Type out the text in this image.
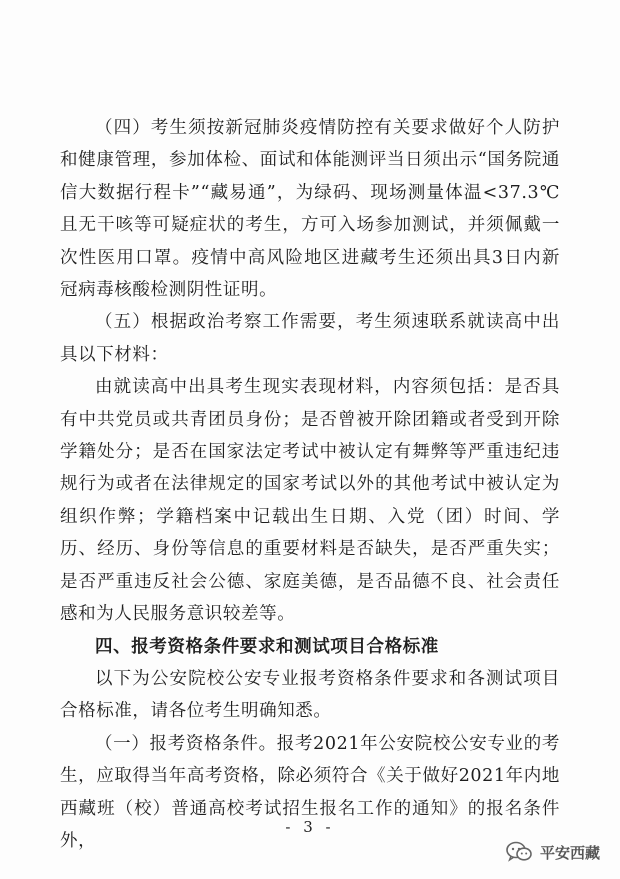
（四）考生须按新冠肺炎疫情防控有关要求做好个人防护和健康管理，参加体检、面试和体能测评当日须出示“国务院通信大数据行程卡”“藏易通”，为绿码、现场测量体温<37.3℃且无干咳等可疑症状的考生，方可入场参加测试，并须佩戴一次性医用口罩。疫情中高风险地区进藏考生还须出具3日内新冠病毒核酸检测阴性证明。

（五）根据政治考察工作需要，考生须速联系就读高中出具以下材料：

由就读高中出具考生现实表现材料，内容须包括：是否具有中共党员或共青团员身份；是否曾被开除团籍或者受到开除学籍处分；是否在国家法定考试中被认定有舞弊等严重违纪违规行为或者在法律规定的国家考试以外的其他考试中被认定为组织作弊；学籍档案中记载出生日期、入党（团）时间、学历、经历、身份等信息的重要材料是否缺失，是否严重失实；是否严重违反社会公德、家庭美德，是否品德不良、社会责任感和为人民服务意识较差等。

四、报考资格条件要求和测试项目合格标准

以下为公安院校公安专业报考资格条件要求和各测试项目合格标准，请各位考生明确知悉。

（一）报考资格条件。报考2021年公安院校公安专业的考生，应取得当年高考资格，除必须符合《关于做好2021年内地西藏班（校）普通高校考试招生报名工作的通知》的报名条件外，

- 3 -
平安西藏
